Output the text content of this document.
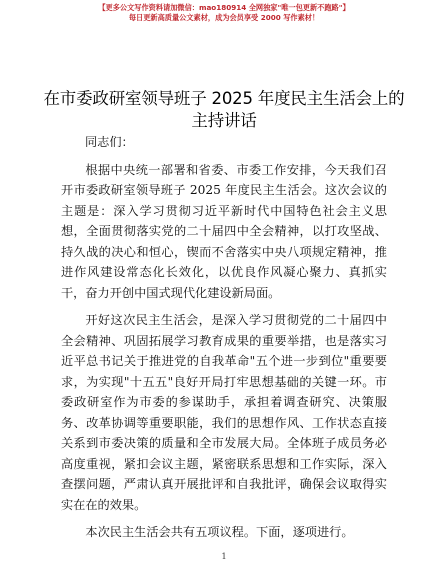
【更多公文写作资料请加微信：mao180914 全网独家"唯一包更新不跑路"】
每日更新高质量公文素材，成为会员享受 2000 写作素材！
在市委政研室领导班子 2025 年度民主生活会上的主持讲话

同志们：

根据中央统一部署和省委、市委工作安排，今天我们召开市委政研室领导班子 2025 年度民主生活会。这次会议的主题是：深入学习贯彻习近平新时代中国特色社会主义思想，全面贯彻落实党的二十届四中全会精神，以打攻坚战、持久战的决心和恒心，锲而不舍落实中央八项规定精神，推进作风建设常态化长效化，以优良作风凝心聚力、真抓实干，奋力开创中国式现代化建设新局面。

开好这次民主生活会，是深入学习贯彻党的二十届四中全会精神、巩固拓展学习教育成果的重要举措，也是落实习近平总书记关于推进党的自我革命"五个进一步到位"重要要求，为实现"十五五"良好开局打牢思想基础的关键一环。市委政研室作为市委的参谋助手，承担着调查研究、决策服务、改革协调等重要职能，我们的思想作风、工作状态直接关系到市委决策的质量和全市发展大局。全体班子成员务必高度重视，紧扣会议主题，紧密联系思想和工作实际，深入查摆问题，严肃认真开展批评和自我批评，确保会议取得实实在在的效果。

本次民主生活会共有五项议程。下面，逐项进行。

1
